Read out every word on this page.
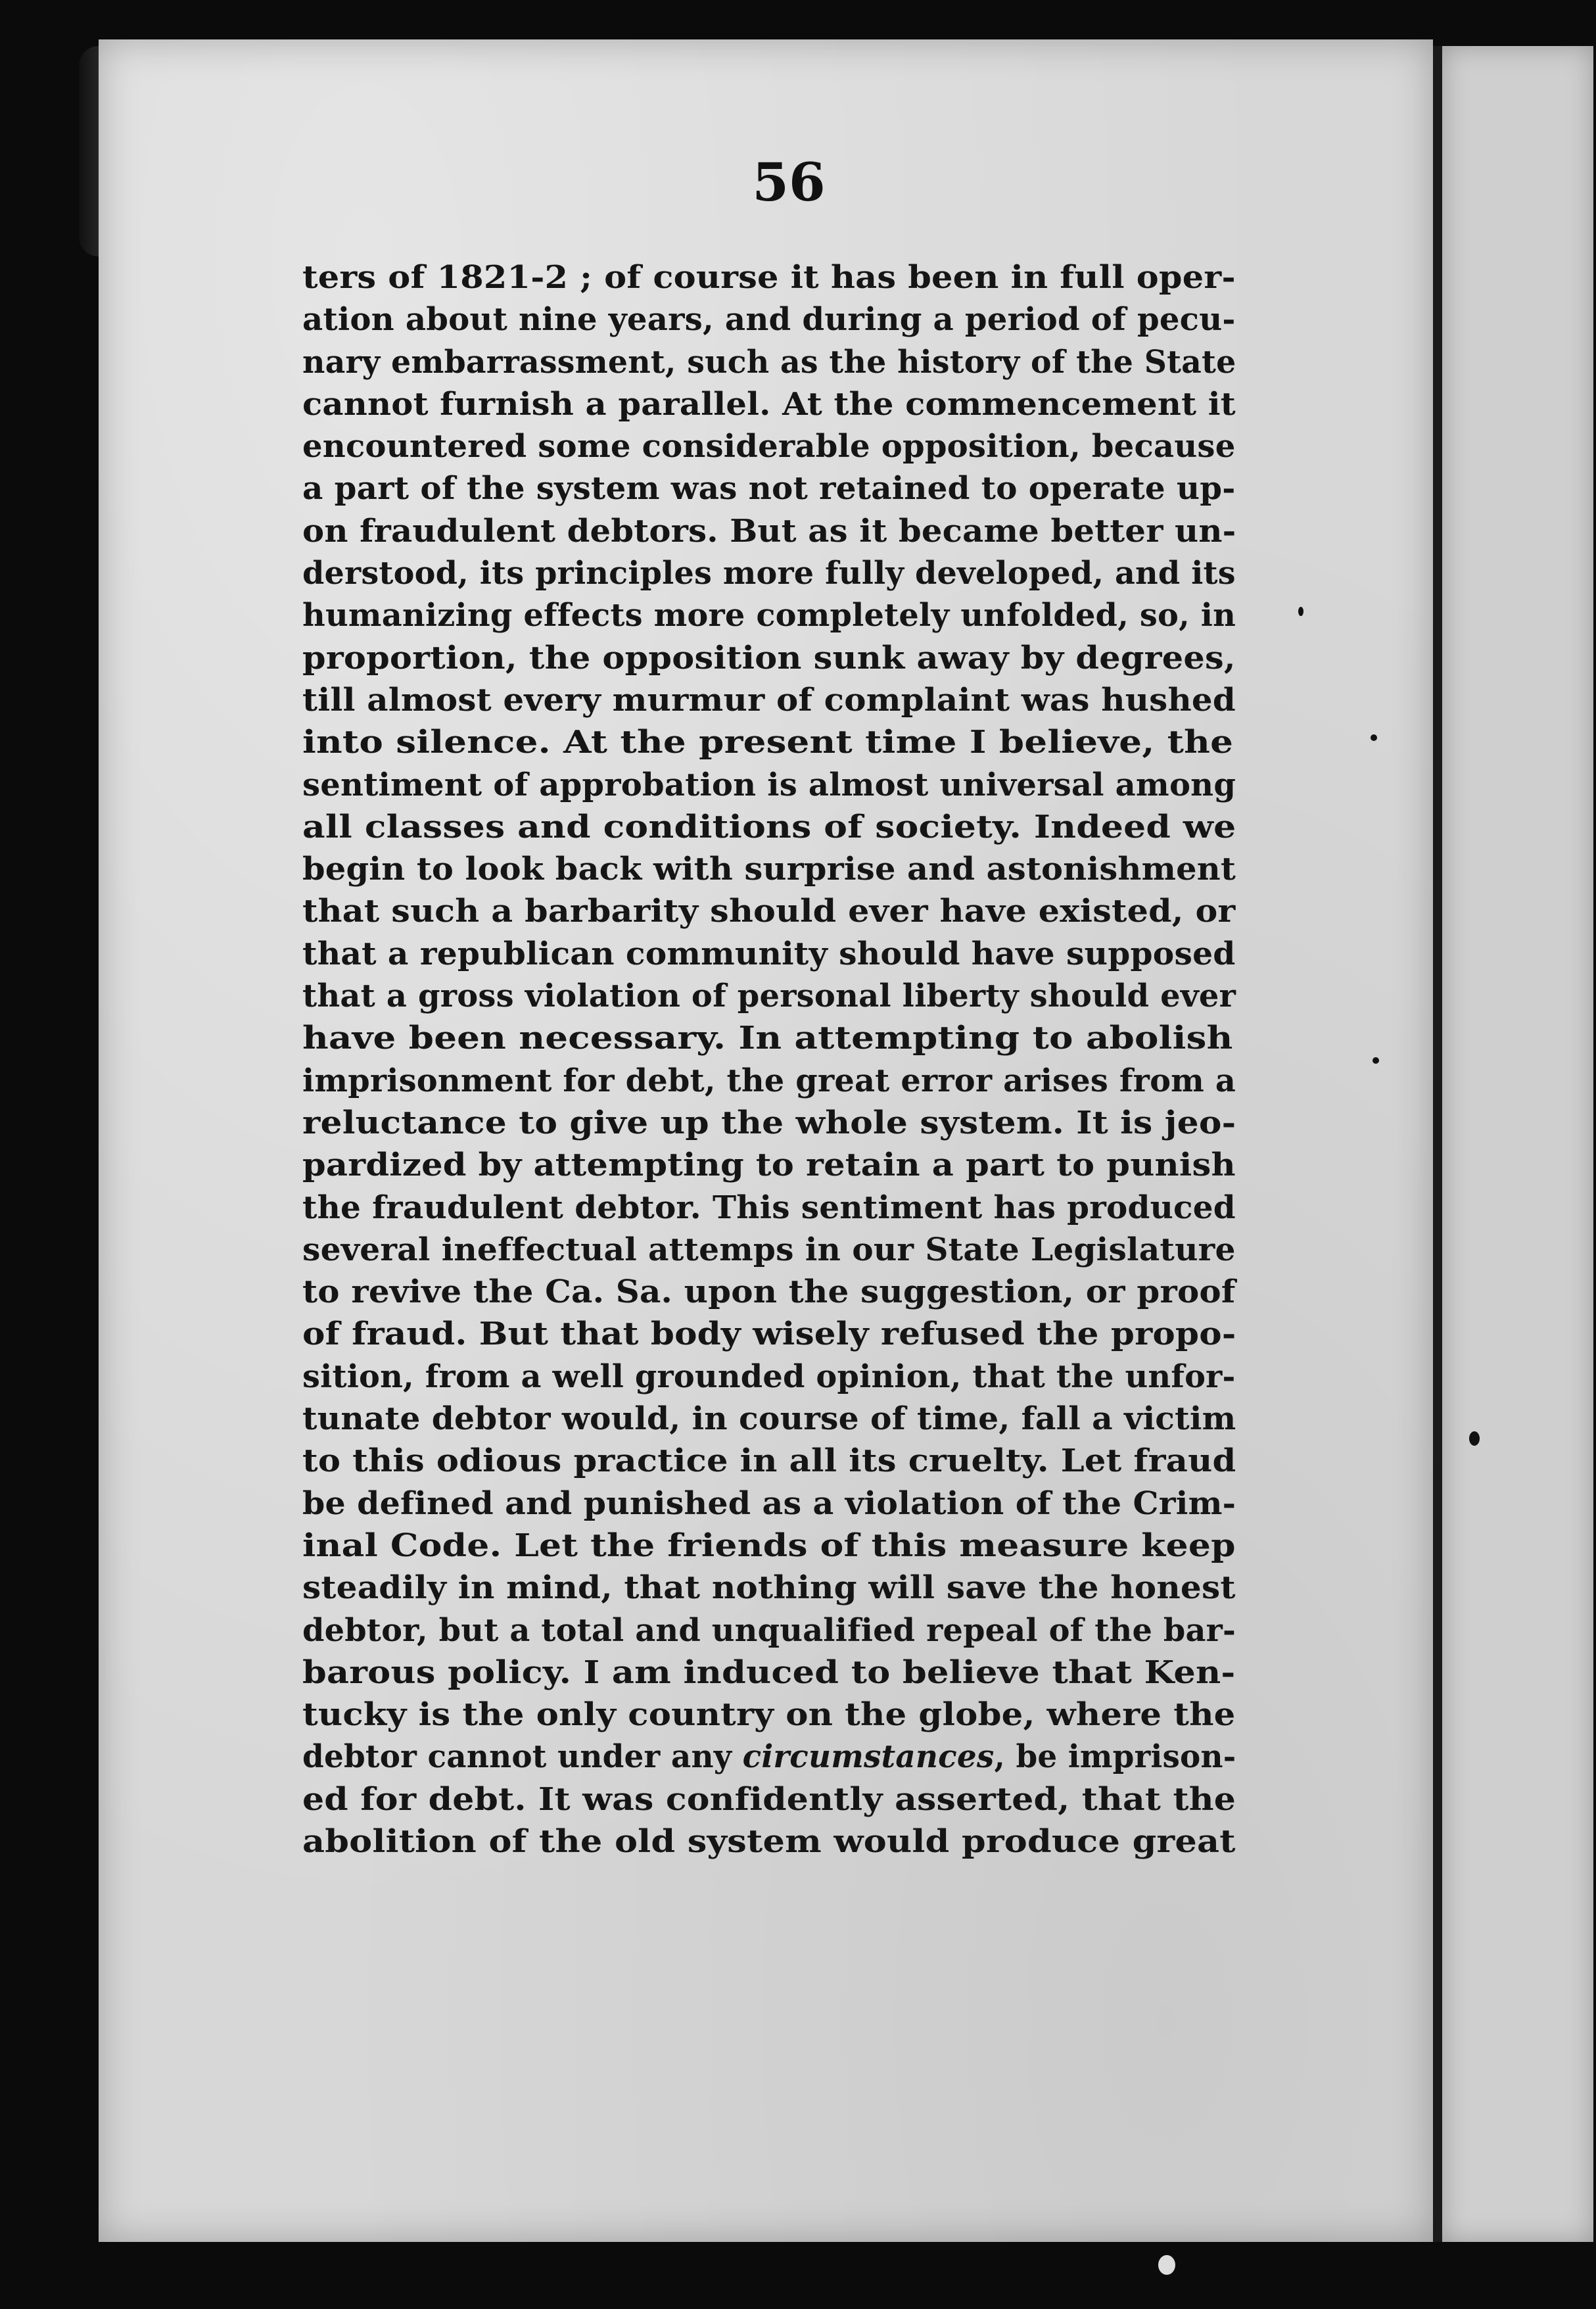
56
ters of 1821-2 ; of course it has been in full oper-
ation about nine years, and during a period of pecu-
nary embarrassment, such as the history of the State
cannot furnish a parallel. At the commencement it
encountered some considerable opposition, because
a part of the system was not retained to operate up-
on fraudulent debtors. But as it became better un-
derstood, its principles more fully developed, and its
humanizing effects more completely unfolded, so, in
proportion, the opposition sunk away by degrees,
till almost every murmur of complaint was hushed
into silence. At the present time I believe, the
sentiment of approbation is almost universal among
all classes and conditions of society. Indeed we
begin to look back with surprise and astonishment
that such a barbarity should ever have existed, or
that a republican community should have supposed
that a gross violation of personal liberty should ever
have been necessary. In attempting to abolish
imprisonment for debt, the great error arises from a
reluctance to give up the whole system. It is jeo-
pardized by attempting to retain a part to punish
the fraudulent debtor. This sentiment has produced
several ineffectual attemps in our State Legislature
to revive the Ca. Sa. upon the suggestion, or proof
of fraud. But that body wisely refused the propo-
sition, from a well grounded opinion, that the unfor-
tunate debtor would, in course of time, fall a victim
to this odious practice in all its cruelty. Let fraud
be defined and punished as a violation of the Crim-
inal Code. Let the friends of this measure keep
steadily in mind, that nothing will save the honest
debtor, but a total and unqualified repeal of the bar-
barous policy. I am induced to believe that Ken-
tucky is the only country on the globe, where the
debtor cannot under any circumstances, be imprison-
ed for debt. It was confidently asserted, that the
abolition of the old system would produce great
